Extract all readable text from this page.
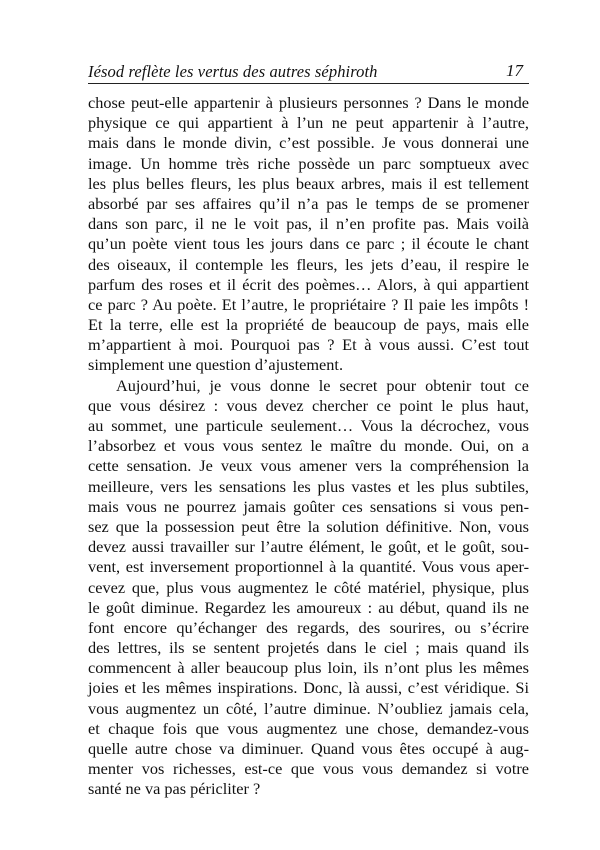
Iésod reflète les vertus des autres séphiroth	17
chose peut-elle appartenir à plusieurs personnes ? Dans le monde
physique ce qui appartient à l’un ne peut appartenir à l’autre,
mais dans le monde divin, c’est possible. Je vous donnerai une
image. Un homme très riche possède un parc somptueux avec
les plus belles fleurs, les plus beaux arbres, mais il est tellement
absorbé par ses affaires qu’il n’a pas le temps de se promener
dans son parc, il ne le voit pas, il n’en profite pas. Mais voilà
qu’un poète vient tous les jours dans ce parc ; il écoute le chant
des oiseaux, il contemple les fleurs, les jets d’eau, il respire le
parfum des roses et il écrit des poèmes… Alors, à qui appartient
ce parc ? Au poète. Et l’autre, le propriétaire ? Il paie les impôts !
Et la terre, elle est la propriété de beaucoup de pays, mais elle
m’appartient à moi. Pourquoi pas ? Et à vous aussi. C’est tout
simplement une question d’ajustement.
Aujourd’hui, je vous donne le secret pour obtenir tout ce
que vous désirez : vous devez chercher ce point le plus haut,
au sommet, une particule seulement… Vous la décrochez, vous
l’absorbez et vous vous sentez le maître du monde. Oui, on a
cette sensation. Je veux vous amener vers la compréhension la
meilleure, vers les sensations les plus vastes et les plus subtiles,
mais vous ne pourrez jamais goûter ces sensations si vous pen-
sez que la possession peut être la solution définitive. Non, vous
devez aussi travailler sur l’autre élément, le goût, et le goût, sou-
vent, est inversement proportionnel à la quantité. Vous vous aper-
cevez que, plus vous augmentez le côté matériel, physique, plus
le goût diminue. Regardez les amoureux : au début, quand ils ne
font encore qu’échanger des regards, des sourires, ou s’écrire
des lettres, ils se sentent projetés dans le ciel ; mais quand ils
commencent à aller beaucoup plus loin, ils n’ont plus les mêmes
joies et les mêmes inspirations. Donc, là aussi, c’est véridique. Si
vous augmentez un côté, l’autre diminue. N’oubliez jamais cela,
et chaque fois que vous augmentez une chose, demandez-vous
quelle autre chose va diminuer. Quand vous êtes occupé à aug-
menter vos richesses, est-ce que vous vous demandez si votre
santé ne va pas péricliter ?
